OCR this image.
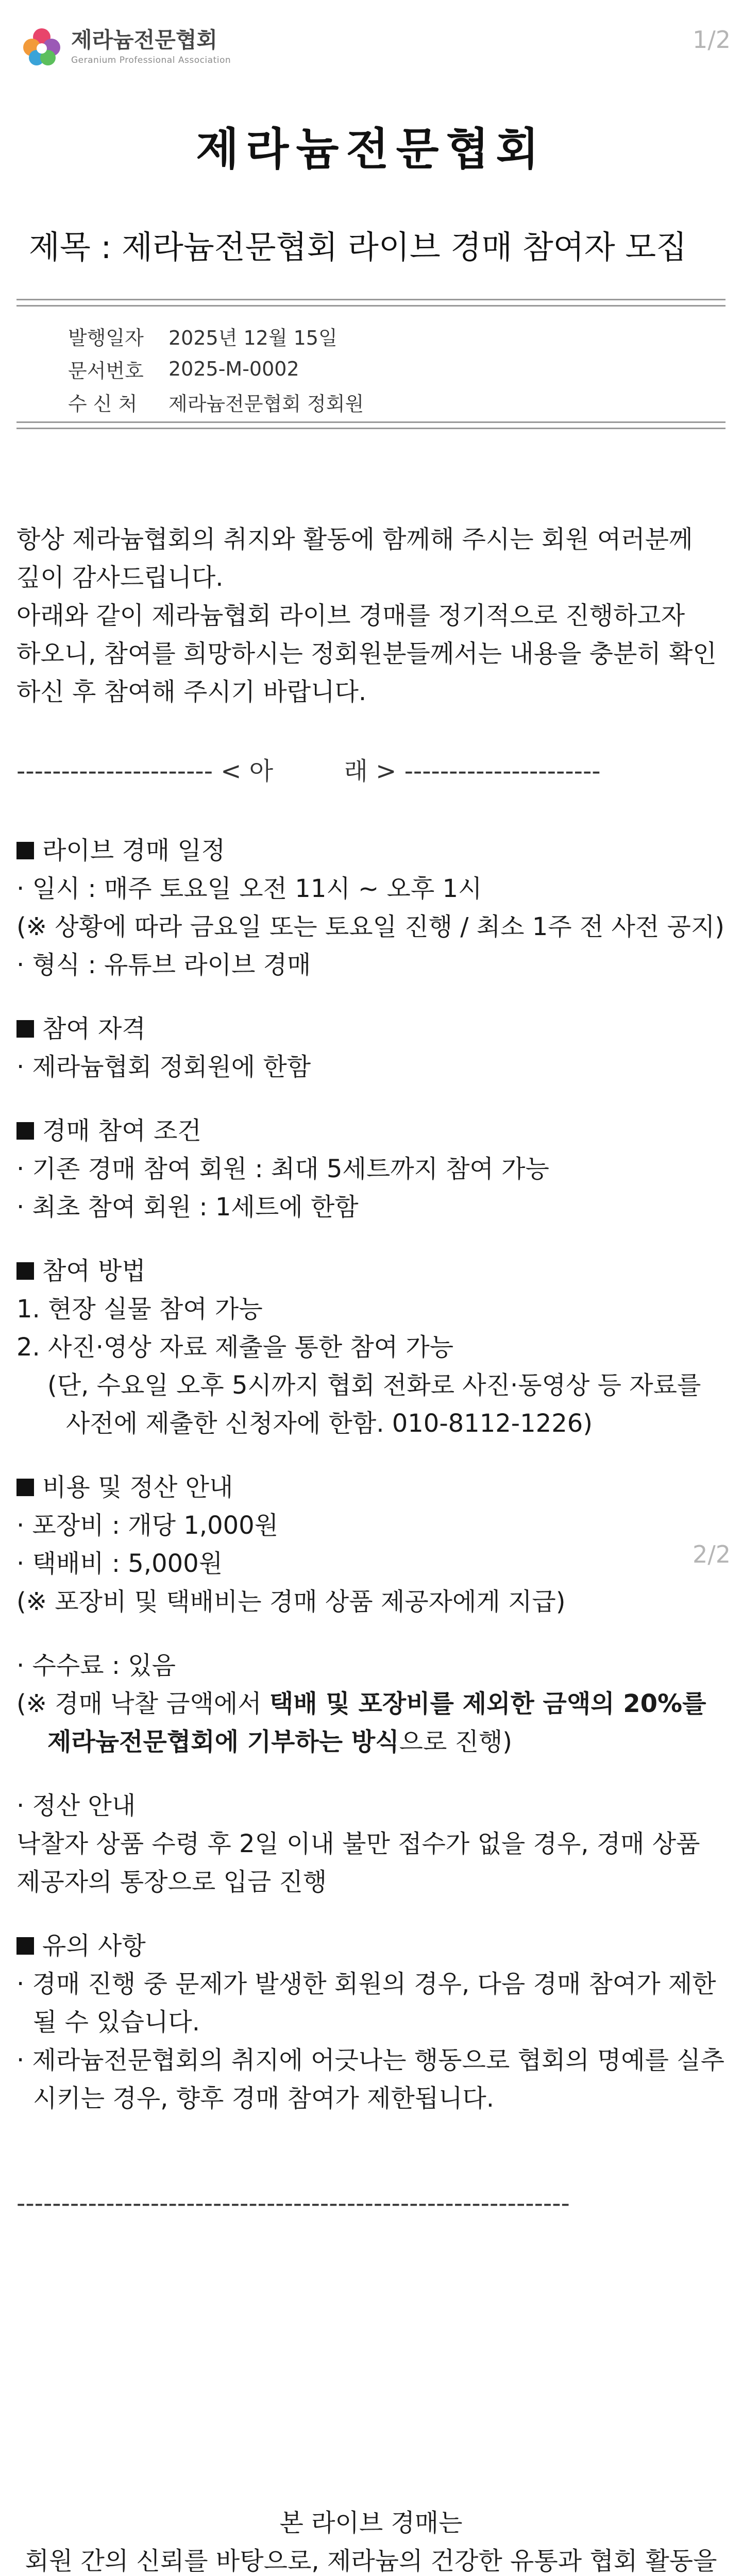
1/2
2/2
제라늄전문협회
Geranium Professional Association
제라늄전문협회
제목 : 제라늄전문협회 라이브 경매 참여자 모집
발행일자	2025년 12월 15일
문서번호	2025-M-0002
수 신 처	제라늄전문협회 정회원
항상 제라늄협회의 취지와 활동에 함께해 주시는 회원 여러분께
깊이 감사드립니다.
아래와 같이 제라늄협회 라이브 경매를 정기적으로 진행하고자
하오니, 참여를 희망하시는 정회원분들께서는 내용을 충분히 확인
하신 후 참여해 주시기 바랍니다.
---------------------- < 아         래 > ----------------------
라이브 경매 일정
· 일시 : 매주 토요일 오전 11시 ~ 오후 1시
(※ 상황에 따라 금요일 또는 토요일 진행 / 최소 1주 전 사전 공지)
· 형식 : 유튜브 라이브 경매
참여 자격
· 제라늄협회 정회원에 한함
경매 참여 조건
· 기존 경매 참여 회원 : 최대 5세트까지 참여 가능
· 최초 참여 회원 : 1세트에 한함
참여 방법
1. 현장 실물 참여 가능
2. 사진·영상 자료 제출을 통한 참여 가능
(단, 수요일 오후 5시까지 협회 전화로 사진·동영상 등 자료를
사전에 제출한 신청자에 한함. 010-8112-1226)
비용 및 정산 안내
· 포장비 : 개당 1,000원
· 택배비 : 5,000원
(※ 포장비 및 택배비는 경매 상품 제공자에게 지급)
· 수수료 : 있음
(※ 경매 낙찰 금액에서 택배 및 포장비를 제외한 금액의 20%를
제라늄전문협회에 기부하는 방식으로 진행)
· 정산 안내
낙찰자 상품 수령 후 2일 이내 불만 접수가 없을 경우, 경매 상품
제공자의 통장으로 입금 진행
유의 사항
· 경매 진행 중 문제가 발생한 회원의 경우, 다음 경매 참여가 제한
될 수 있습니다.
· 제라늄전문협회의 취지에 어긋나는 행동으로 협회의 명예를 실추
시키는 경우, 향후 경매 참여가 제한됩니다.
--------------------------------------------------------------
본 라이브 경매는
회원 간의 신뢰를 바탕으로, 제라늄의 건강한 유통과 협회 활동을
